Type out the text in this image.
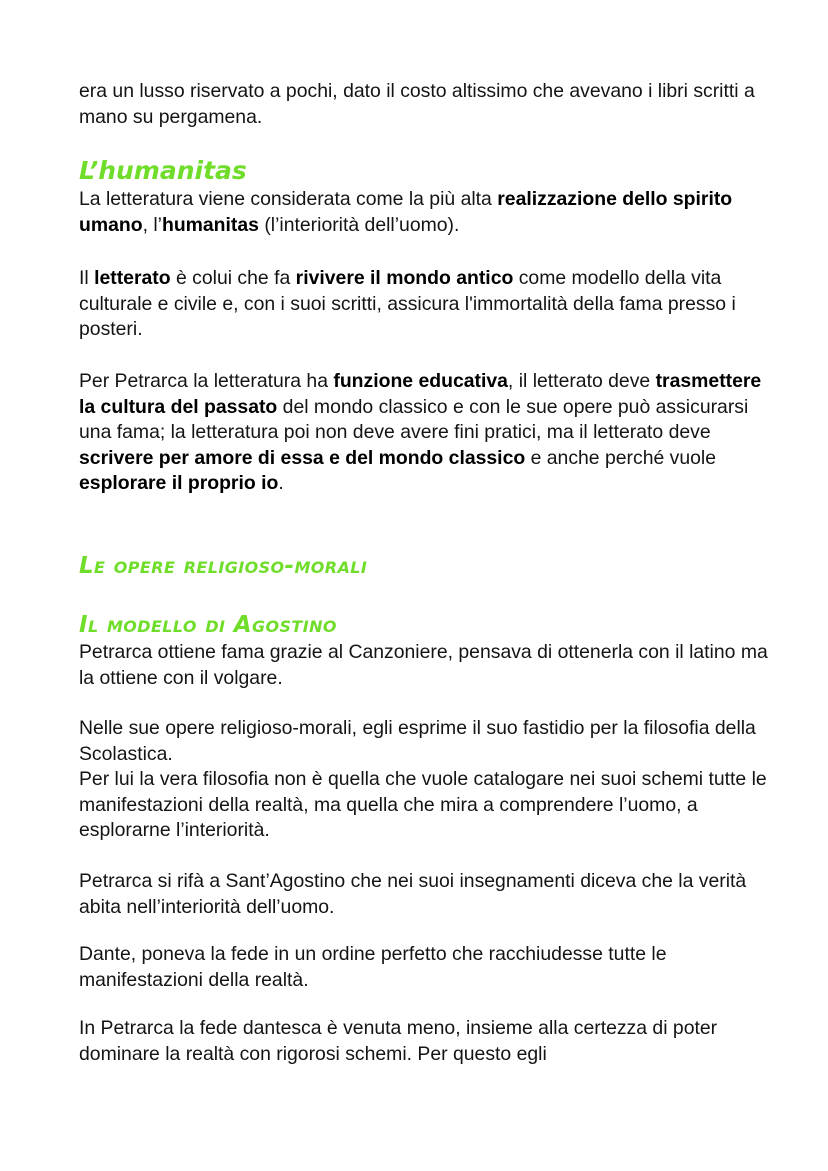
era un lusso riservato a pochi, dato il costo altissimo che avevano i libri scritti a mano su pergamena.

L’humanitas

La letteratura viene considerata come la più alta realizzazione dello spirito umano, l’humanitas (l’interiorità dell’uomo).

Il letterato è colui che fa rivivere il mondo antico come modello della vita culturale e civile e, con i suoi scritti, assicura l'immortalità della fama presso i posteri.

Per Petrarca la letteratura ha funzione educativa, il letterato deve trasmettere la cultura del passato del mondo classico e con le sue opere può assicurarsi una fama; la letteratura poi non deve avere fini pratici, ma il letterato deve scrivere per amore di essa e del mondo classico e anche perché vuole esplorare il proprio io.

Le opere religioso-morali
Il modello di Agostino

Petrarca ottiene fama grazie al Canzoniere, pensava di ottenerla con il latino ma la ottiene con il volgare.

Nelle sue opere religioso-morali, egli esprime il suo fastidio per la filosofia della Scolastica.

Per lui la vera filosofia non è quella che vuole catalogare nei suoi schemi tutte le manifestazioni della realtà, ma quella che mira a comprendere l’uomo, a esplorarne l’interiorità.

Petrarca si rifà a Sant’Agostino che nei suoi insegnamenti diceva che la verità abita nell’interiorità dell’uomo.

Dante, poneva la fede in un ordine perfetto che racchiudesse tutte le manifestazioni della realtà.

In Petrarca la fede dantesca è venuta meno, insieme alla certezza di poter dominare la realtà con rigorosi schemi. Per questo egli
